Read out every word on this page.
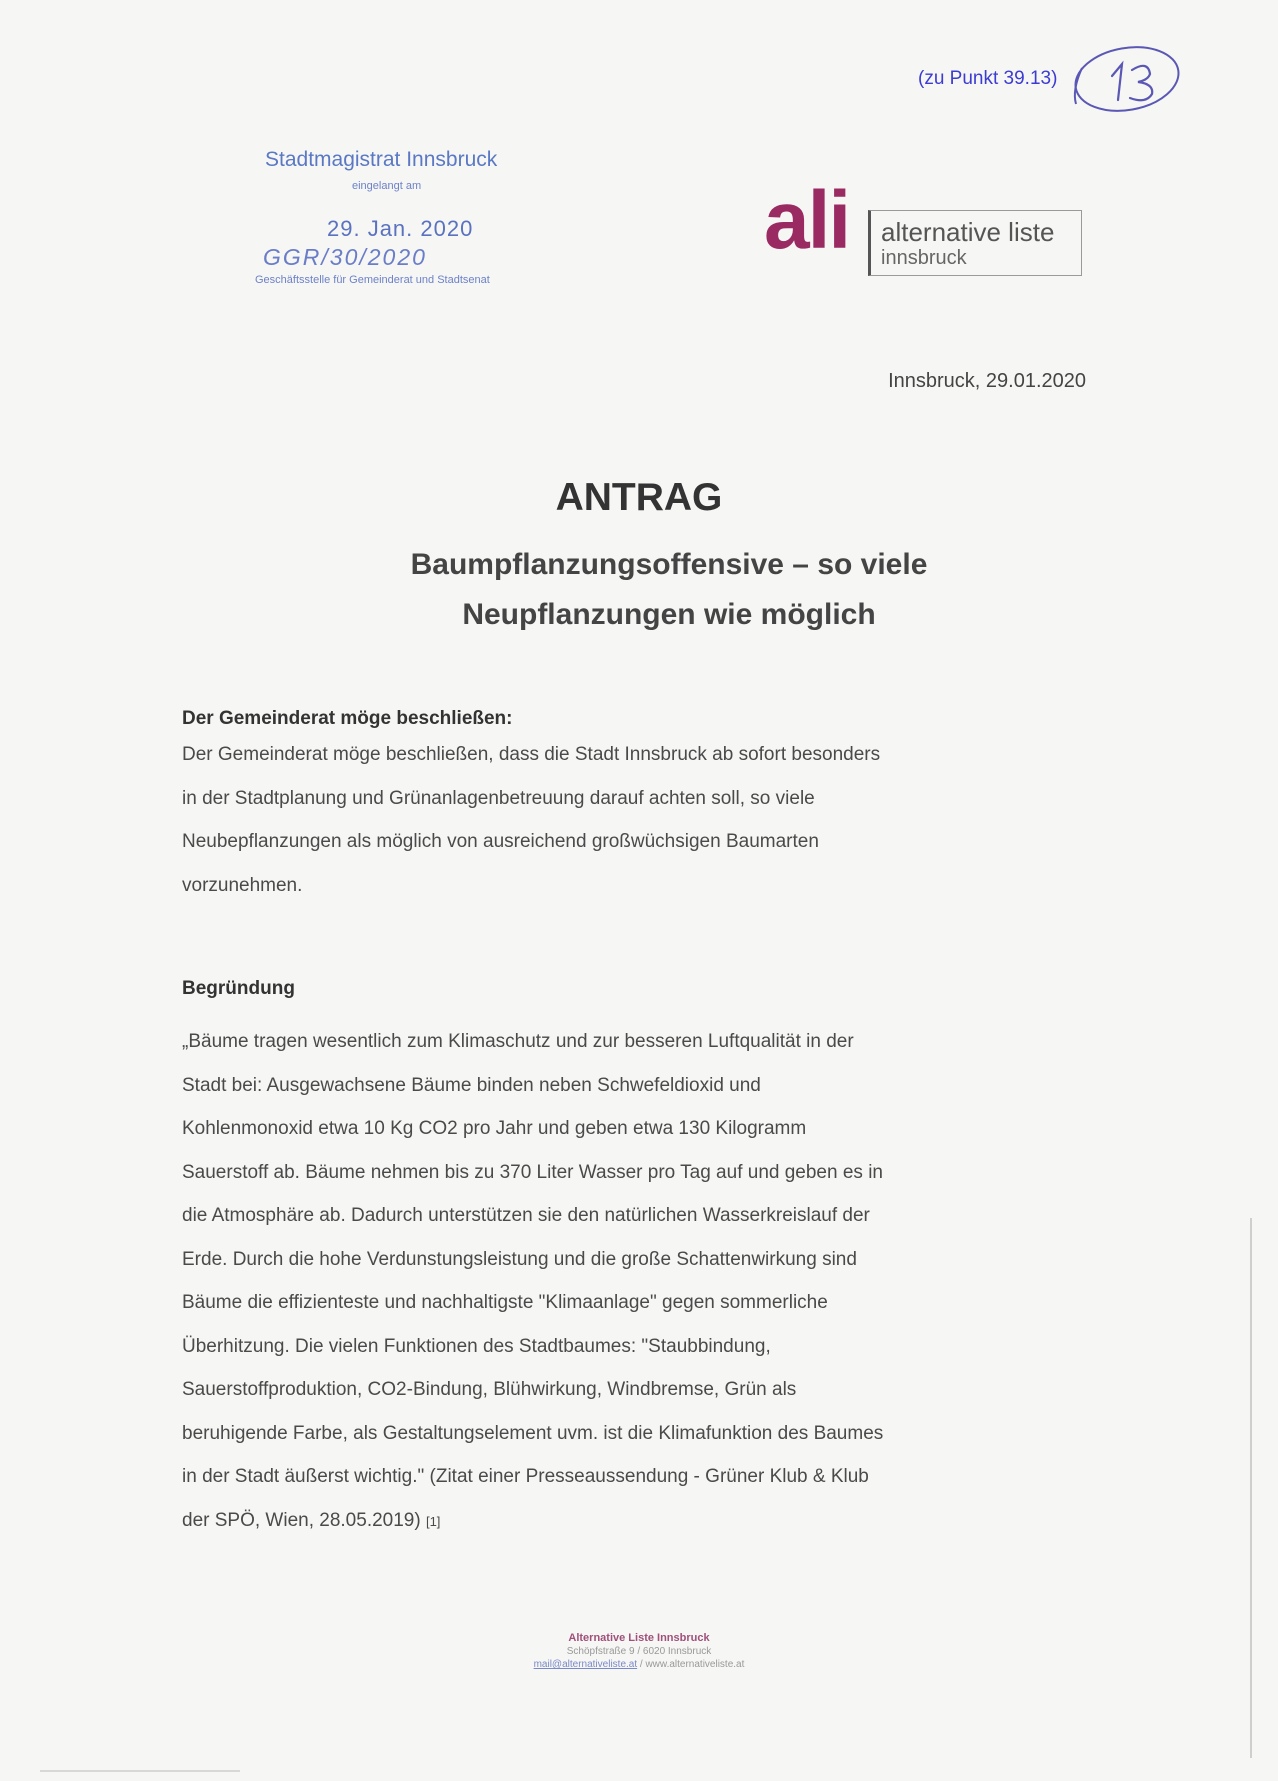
(zu Punkt 39.13)
Stadtmagistrat Innsbruck
eingelangt am
29. Jan. 2020
GGR/30/2020
Geschäftsstelle für Gemeinderat und Stadtsenat
ali alternative liste
innsbruck
Innsbruck, 29.01.2020
ANTRAG
Baumpflanzungsoffensive – so viele
Neupflanzungen wie möglich
Der Gemeinderat möge beschließen:
Der Gemeinderat möge beschließen, dass die Stadt Innsbruck ab sofort besonders
in der Stadtplanung und Grünanlagenbetreuung darauf achten soll, so viele
Neubepflanzungen als möglich von ausreichend großwüchsigen Baumarten
vorzunehmen.
Begründung
„Bäume tragen wesentlich zum Klimaschutz und zur besseren Luftqualität in der
Stadt bei: Ausgewachsene Bäume binden neben Schwefeldioxid und
Kohlenmonoxid etwa 10 Kg CO2 pro Jahr und geben etwa 130 Kilogramm
Sauerstoff ab. Bäume nehmen bis zu 370 Liter Wasser pro Tag auf und geben es in
die Atmosphäre ab. Dadurch unterstützen sie den natürlichen Wasserkreislauf der
Erde. Durch die hohe Verdunstungsleistung und die große Schattenwirkung sind
Bäume die effizienteste und nachhaltigste "Klimaanlage" gegen sommerliche
Überhitzung. Die vielen Funktionen des Stadtbaumes: "Staubbindung,
Sauerstoffproduktion, CO2-Bindung, Blühwirkung, Windbremse, Grün als
beruhigende Farbe, als Gestaltungselement uvm. ist die Klimafunktion des Baumes
in der Stadt äußerst wichtig." (Zitat einer Presseaussendung - Grüner Klub & Klub
der SPÖ, Wien, 28.05.2019) [1]
Alternative Liste Innsbruck
Schöpfstraße 9 / 6020 Innsbruck
mail@alternativeliste.at / www.alternativeliste.at
